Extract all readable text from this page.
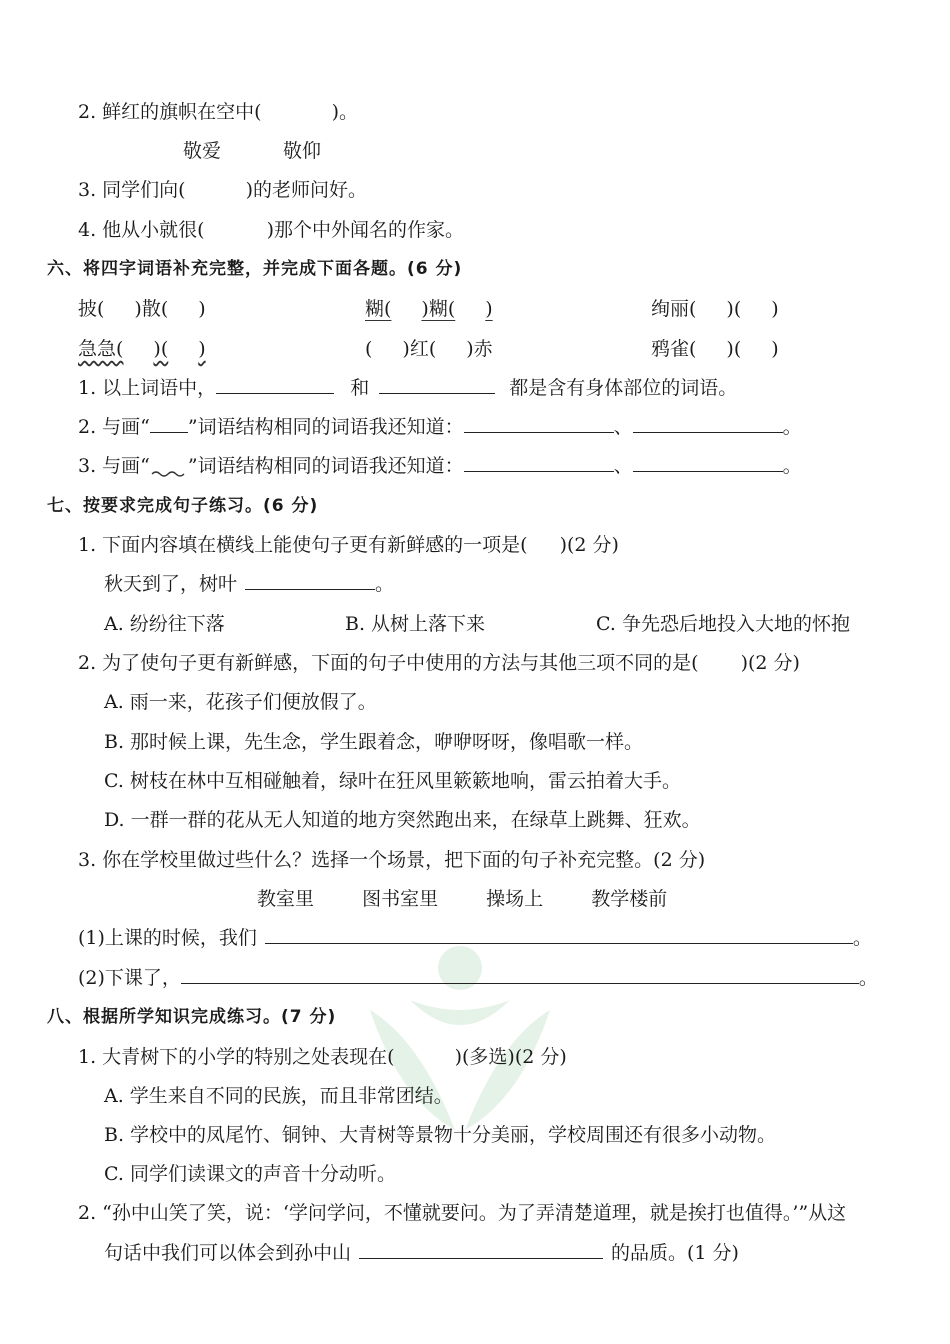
2. 鲜红的旗帜在空中(	)。
敬爱	敬仰
3. 同学们向(	)的老师问好。
4. 他从小就很(	)那个中外闻名的作家。
六、将四字词语补充完整，并完成下面各题。(6 分)
披( )散( )	糊( )糊( )	绚丽( )( )
急急( )( )	( )红( )赤	鸦雀( )( )
1. 以上词语中，	和	都是含有身体部位的词语。
2. 与画“ ”词语结构相同的词语我还知道：	、	。
3. 与画“ ”词语结构相同的词语我还知道：	、	。
七、按要求完成句子练习。(6 分)
1. 下面内容填在横线上能使句子更有新鲜感的一项是( )(2 分)
秋天到了，树叶	。
A. 纷纷往下落	B. 从树上落下来	C. 争先恐后地投入大地的怀抱
2. 为了使句子更有新鲜感，下面的句子中使用的方法与其他三项不同的是( )(2 分)
A. 雨一来，花孩子们便放假了。
B. 那时候上课，先生念，学生跟着念，咿咿呀呀，像唱歌一样。
C. 树枝在林中互相碰触着，绿叶在狂风里簌簌地响，雷云拍着大手。
D. 一群一群的花从无人知道的地方突然跑出来，在绿草上跳舞、狂欢。
3. 你在学校里做过些什么？选择一个场景，把下面的句子补充完整。(2 分)
教室里	图书室里	操场上	教学楼前
(1)上课的时候，我们	。
(2)下课了，	。
八、根据所学知识完成练习。(7 分)
1. 大青树下的小学的特别之处表现在(	)(多选)(2 分)
A. 学生来自不同的民族，而且非常团结。
B. 学校中的凤尾竹、铜钟、大青树等景物十分美丽，学校周围还有很多小动物。
C. 同学们读课文的声音十分动听。
2. “孙中山笑了笑，说：‘学问学问，不懂就要问。为了弄清楚道理，就是挨打也值得。’”从这
句话中我们可以体会到孙中山	的品质。(1 分)
